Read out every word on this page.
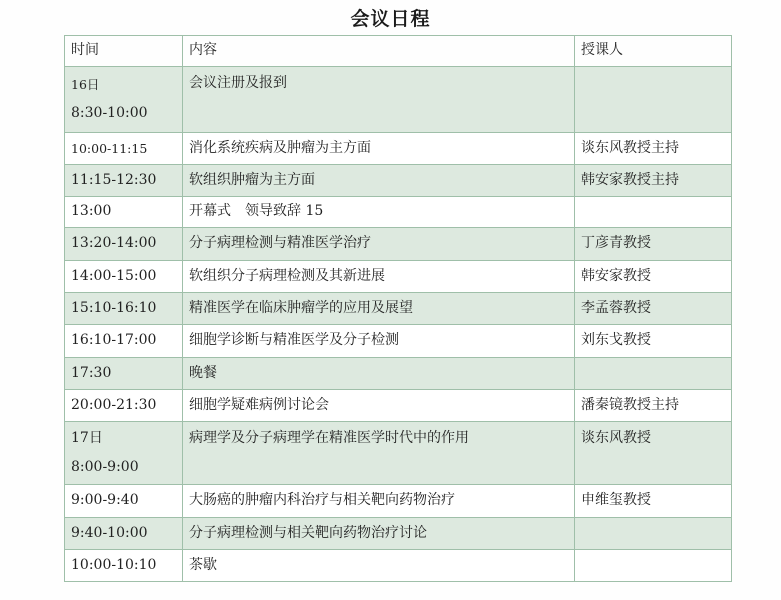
会议日程
时间	内容	授课人

16日
8:30-10:00	会议注册及报到	
10:00-11:15	消化系统疾病及肿瘤为主方面	谈东风教授主持
11:15-12:30	软组织肿瘤为主方面	韩安家教授主持
13:00	开幕式　领导致辞 15	
13:20-14:00	分子病理检测与精准医学治疗	丁彦青教授
14:00-15:00	软组织分子病理检测及其新进展	韩安家教授
15:10-16:10	精准医学在临床肿瘤学的应用及展望	李孟蓉教授
16:10-17:00	细胞学诊断与精准医学及分子检测	刘东戈教授
17:30	晚餐	
20:00-21:30	细胞学疑难病例讨论会	潘秦镜教授主持

17日
8:00-9:00	病理学及分子病理学在精准医学时代中的作用	谈东风教授
9:00-9:40	大肠癌的肿瘤内科治疗与相关靶向药物治疗	申维玺教授
9:40-10:00	分子病理检测与相关靶向药物治疗讨论	
10:00-10:10	茶歇	
